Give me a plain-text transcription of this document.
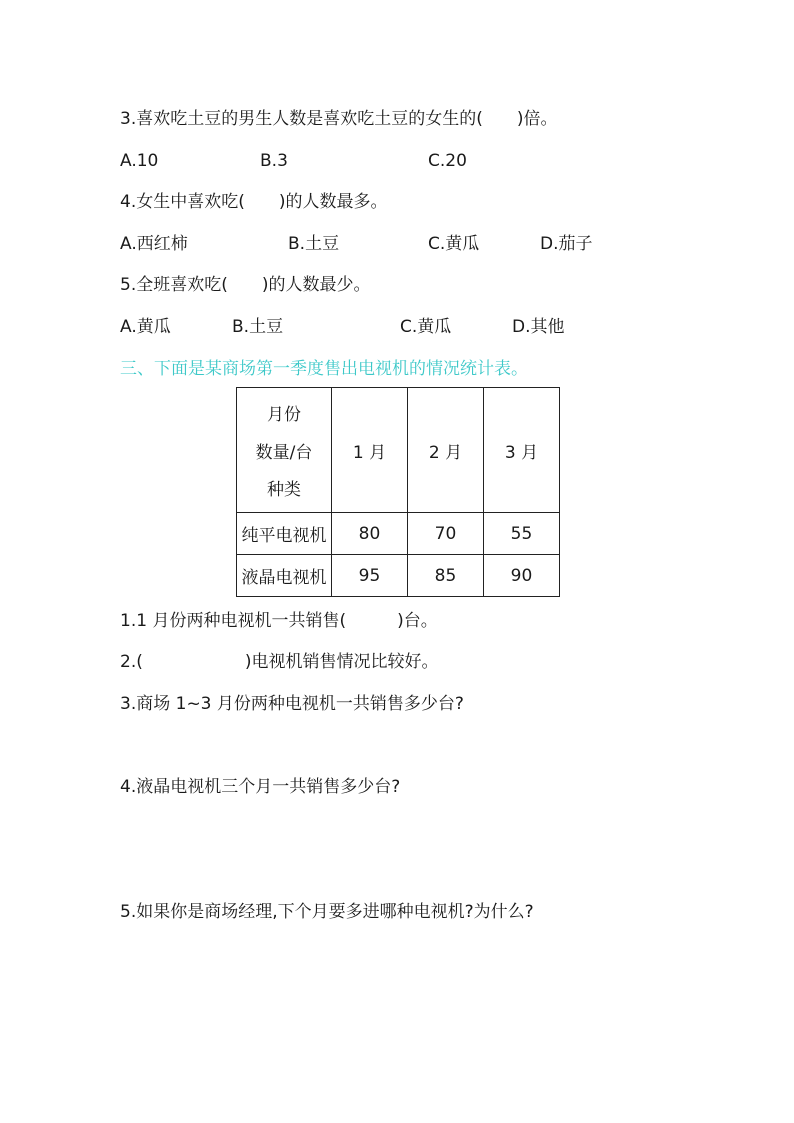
3.喜欢吃土豆的男生人数是喜欢吃土豆的女生的(　　)倍。
A.10	B.3	C.20
4.女生中喜欢吃(　　)的人数最多。
A.西红柿	B.土豆	C.黄瓜	D.茄子
5.全班喜欢吃(　　)的人数最少。
A.黄瓜	B.土豆	C.黄瓜	D.其他
三、下面是某商场第一季度售出电视机的情况统计表。
月份
数量/台
种类	1 月	2 月	3 月
纯平电视机	80	70	55
液晶电视机	95	85	90
1.1 月份两种电视机一共销售(　　　)台。
2.(　　　　　　)电视机销售情况比较好。
3.商场 1~3 月份两种电视机一共销售多少台?
4.液晶电视机三个月一共销售多少台?
5.如果你是商场经理,下个月要多进哪种电视机?为什么?
